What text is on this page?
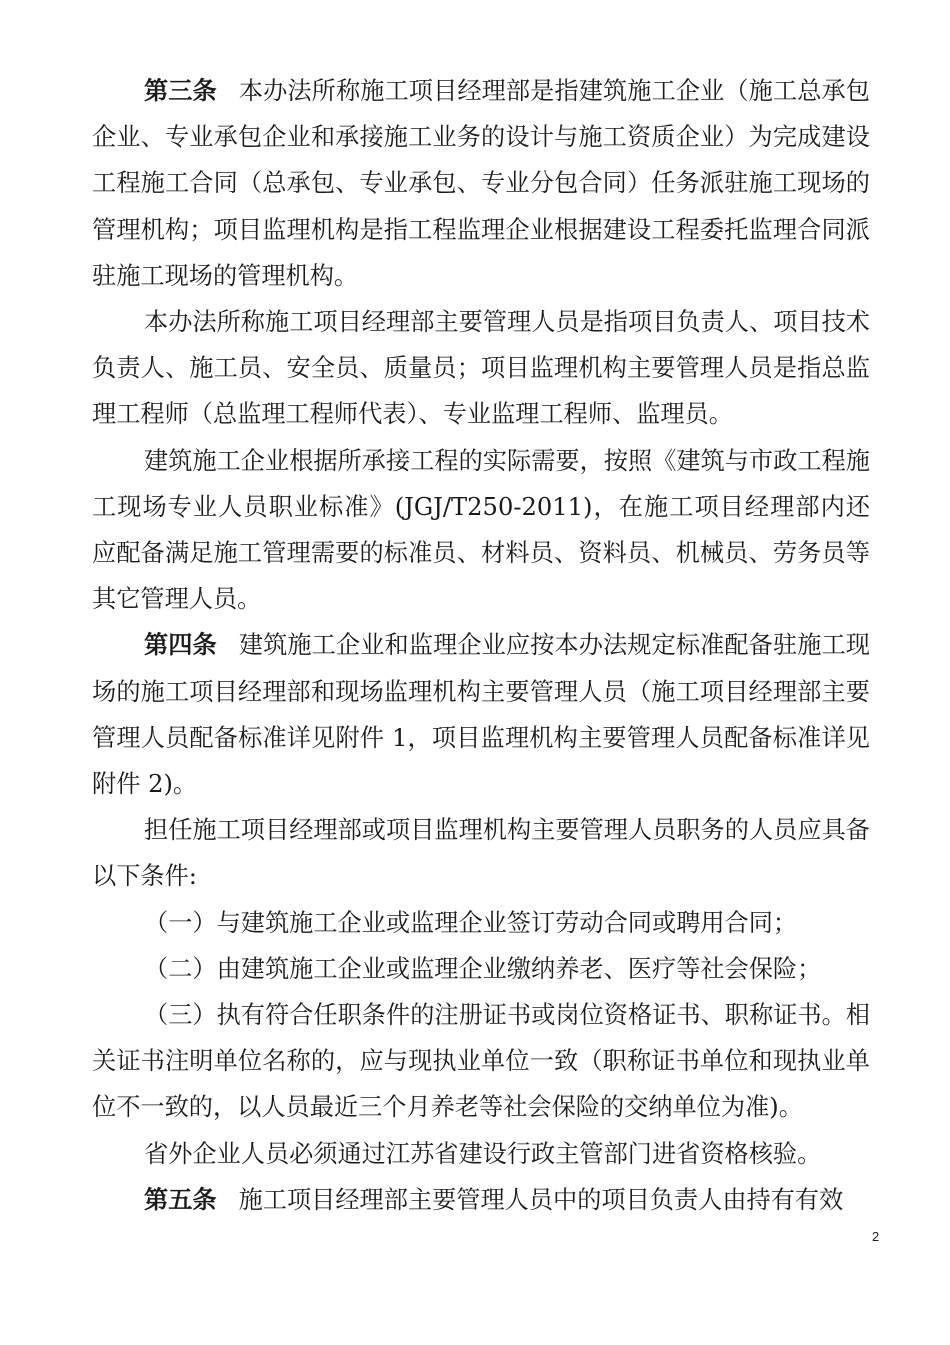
第三条 本办法所称施工项目经理部是指建筑施工企业（施工总承包企业、专业承包企业和承接施工业务的设计与施工资质企业）为完成建设工程施工合同（总承包、专业承包、专业分包合同）任务派驻施工现场的管理机构；项目监理机构是指工程监理企业根据建设工程委托监理合同派驻施工现场的管理机构。

本办法所称施工项目经理部主要管理人员是指项目负责人、项目技术负责人、施工员、安全员、质量员；项目监理机构主要管理人员是指总监理工程师（总监理工程师代表）、专业监理工程师、监理员。

建筑施工企业根据所承接工程的实际需要，按照《建筑与市政工程施工现场专业人员职业标准》(JGJ/T250-2011)，在施工项目经理部内还应配备满足施工管理需要的标准员、材料员、资料员、机械员、劳务员等其它管理人员。

第四条 建筑施工企业和监理企业应按本办法规定标准配备驻施工现场的施工项目经理部和现场监理机构主要管理人员（施工项目经理部主要管理人员配备标准详见附件 1，项目监理机构主要管理人员配备标准详见附件 2)。

担任施工项目经理部或项目监理机构主要管理人员职务的人员应具备以下条件:

（一）与建筑施工企业或监理企业签订劳动合同或聘用合同；

（二）由建筑施工企业或监理企业缴纳养老、医疗等社会保险；

（三）执有符合任职条件的注册证书或岗位资格证书、职称证书。相关证书注明单位名称的，应与现执业单位一致（职称证书单位和现执业单位不一致的，以人员最近三个月养老等社会保险的交纳单位为准)。

省外企业人员必须通过江苏省建设行政主管部门进省资格核验。

第五条 施工项目经理部主要管理人员中的项目负责人由持有有效

2
